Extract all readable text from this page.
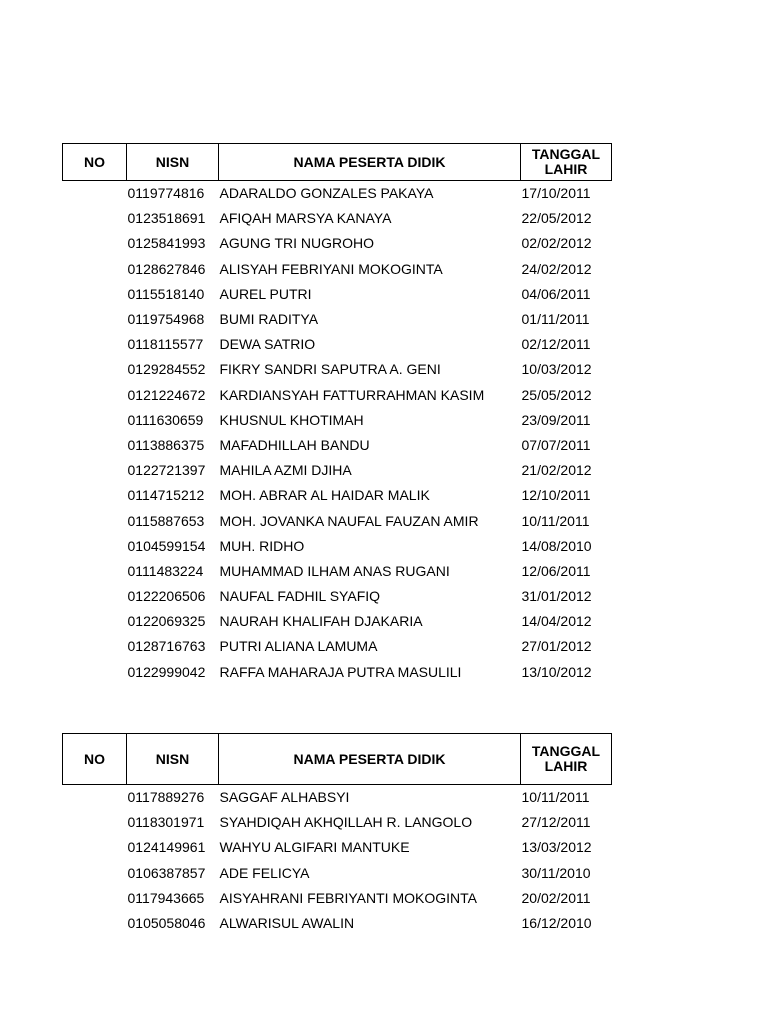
NO	NISN	NAMA PESERTA DIDIK	TANGGAL LAHIR
	0119774816	ADARALDO GONZALES PAKAYA	17/10/2011
	0123518691	AFIQAH MARSYA KANAYA	22/05/2012
	0125841993	AGUNG TRI NUGROHO	02/02/2012
	0128627846	ALISYAH FEBRIYANI MOKOGINTA	24/02/2012
	0115518140	AUREL PUTRI	04/06/2011
	0119754968	BUMI RADITYA	01/11/2011
	0118115577	DEWA SATRIO	02/12/2011
	0129284552	FIKRY SANDRI SAPUTRA A. GENI	10/03/2012
	0121224672	KARDIANSYAH FATTURRAHMAN KASIM	25/05/2012
	0111630659	KHUSNUL KHOTIMAH	23/09/2011
	0113886375	MAFADHILLAH BANDU	07/07/2011
	0122721397	MAHILA AZMI DJIHA	21/02/2012
	0114715212	MOH. ABRAR AL HAIDAR MALIK	12/10/2011
	0115887653	MOH. JOVANKA NAUFAL FAUZAN AMIR	10/11/2011
	0104599154	MUH. RIDHO	14/08/2010
	0111483224	MUHAMMAD ILHAM ANAS RUGANI	12/06/2011
	0122206506	NAUFAL FADHIL SYAFIQ	31/01/2012
	0122069325	NAURAH KHALIFAH DJAKARIA	14/04/2012
	0128716763	PUTRI ALIANA LAMUMA	27/01/2012
	0122999042	RAFFA MAHARAJA PUTRA MASULILI	13/10/2012
NO	NISN	NAMA PESERTA DIDIK	TANGGAL LAHIR
	0117889276	SAGGAF ALHABSYI	10/11/2011
	0118301971	SYAHDIQAH AKHQILLAH R. LANGOLO	27/12/2011
	0124149961	WAHYU ALGIFARI MANTUKE	13/03/2012
	0106387857	ADE FELICYA	30/11/2010
	0117943665	AISYAHRANI FEBRIYANTI MOKOGINTA	20/02/2011
	0105058046	ALWARISUL AWALIN	16/12/2010
